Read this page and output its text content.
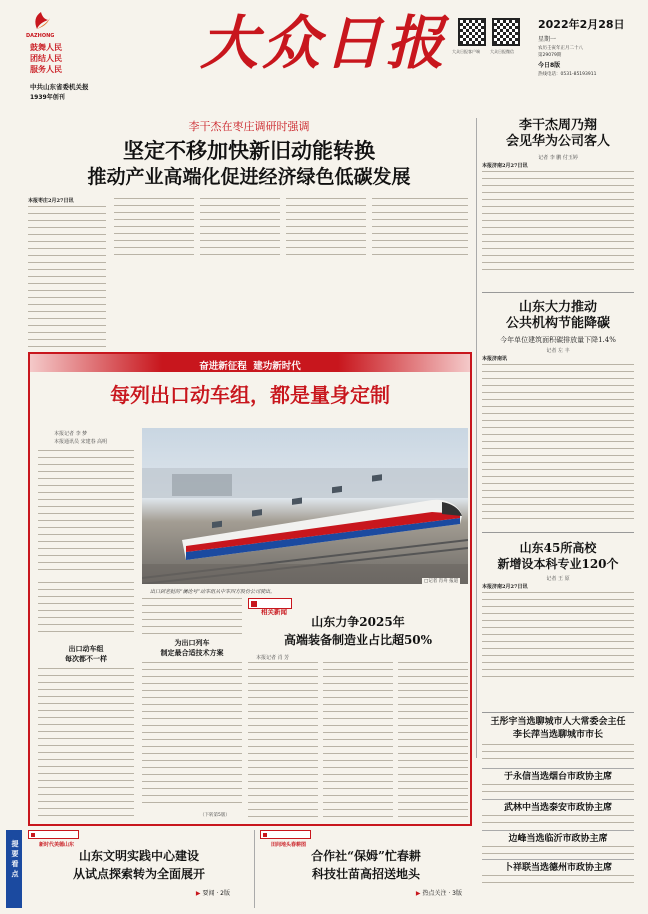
DAZHONG
鼓舞人民
团结人民
服务人民
中共山东省委机关报
1939年创刊
大众日报 大众日报客户端	大众日报微信
2022年2月28日
星期一
农历壬寅年正月二十八
第29079期
今日8版
热线电话：0531-85193911
李干杰在枣庄调研时强调
坚定不移加快新旧动能转换
推动产业高端化促进经济绿色低碳发展
本报枣庄2月27日讯
李干杰周乃翔
会见华为公司客人
记者 李 鹏 付玉婷
本报济南2月27日讯
山东大力推动
公共机构节能降碳
今年单位建筑面积碳排放量下降1.4%
记者 左 丰
本报济南讯
山东45所高校
新增设本科专业120个
记者 王 原
本报济南2月27日讯
王彤宇当选聊城市人大常委会主任
李长萍当选聊城市市长
于永信当选烟台市政协主席
武林中当选泰安市政协主席
边峰当选临沂市政协主席
卜祥联当选德州市政协主席
奋进新征程  建功新时代
每列出口动车组，都是量身定制
本报记者 李 梦
本报通讯员 宋建春 高明
出口到老挝的“澜沧号”动车组从中车四方股份公司驶出。
□记者 肖舟 报道
出口动车组
每次都不一样
为出口列车
制定最合适技术方案
（下转第5版）
相关新闻
山东力争2025年
高端装备制造业占比超50%
本报记者 肖 芳
提要看点	新时代美德山东
山东文明实践中心建设
从试点探索转为全面展开
▶ 要闻 · 2版
田间地头春耕图
合作社“保姆”忙春耕
科技壮苗高招送地头
▶ 热点关注 · 3版
